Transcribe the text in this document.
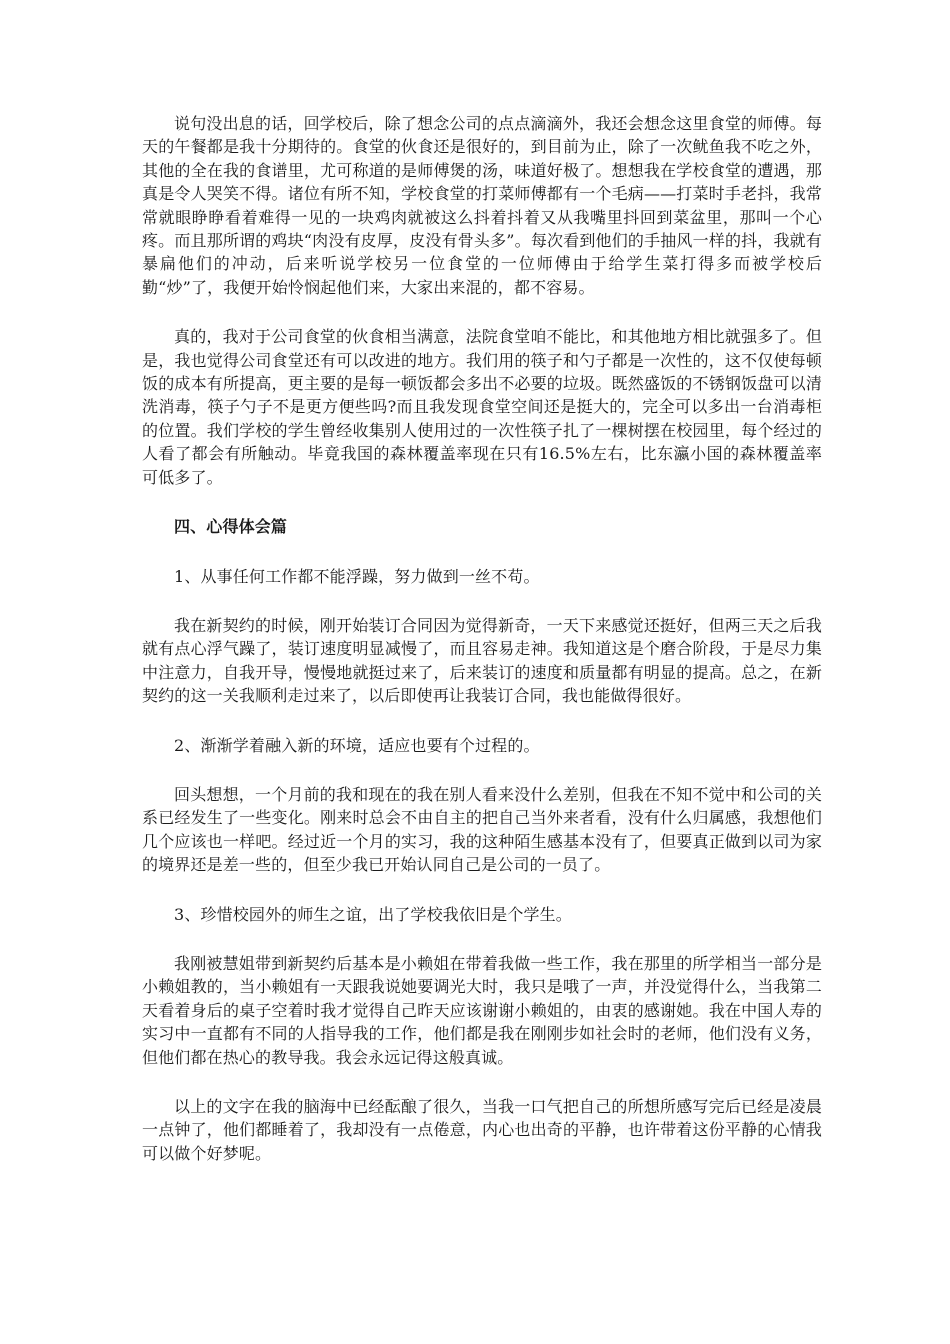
说句没出息的话，回学校后，除了想念公司的点点滴滴外，我还会想念这里食堂的师傅。每天的午餐都是我十分期待的。食堂的伙食还是很好的，到目前为止，除了一次鱿鱼我不吃之外，其他的全在我的食谱里，尤可称道的是师傅煲的汤，味道好极了。想想我在学校食堂的遭遇，那真是令人哭笑不得。诸位有所不知，学校食堂的打菜师傅都有一个毛病——打菜时手老抖，我常常就眼睁睁看着难得一见的一块鸡肉就被这么抖着抖着又从我嘴里抖回到菜盆里，那叫一个心疼。而且那所谓的鸡块“肉没有皮厚，皮没有骨头多”。每次看到他们的手抽风一样的抖，我就有暴扁他们的冲动，后来听说学校另一位食堂的一位师傅由于给学生菜打得多而被学校后勤“炒”了，我便开始怜悯起他们来，大家出来混的，都不容易。

真的，我对于公司食堂的伙食相当满意，法院食堂咱不能比，和其他地方相比就强多了。但是，我也觉得公司食堂还有可以改进的地方。我们用的筷子和勺子都是一次性的，这不仅使每顿饭的成本有所提高，更主要的是每一顿饭都会多出不必要的垃圾。既然盛饭的不锈钢饭盘可以清洗消毒，筷子勺子不是更方便些吗?而且我发现食堂空间还是挺大的，完全可以多出一台消毒柜的位置。我们学校的学生曾经收集别人使用过的一次性筷子扎了一棵树摆在校园里，每个经过的人看了都会有所触动。毕竟我国的森林覆盖率现在只有16.5%左右，比东瀛小国的森林覆盖率可低多了。

四、心得体会篇

1、从事任何工作都不能浮躁，努力做到一丝不苟。

我在新契约的时候，刚开始装订合同因为觉得新奇，一天下来感觉还挺好，但两三天之后我就有点心浮气躁了，装订速度明显减慢了，而且容易走神。我知道这是个磨合阶段，于是尽力集中注意力，自我开导，慢慢地就挺过来了，后来装订的速度和质量都有明显的提高。总之，在新契约的这一关我顺利走过来了，以后即使再让我装订合同，我也能做得很好。

2、渐渐学着融入新的环境，适应也要有个过程的。

回头想想，一个月前的我和现在的我在别人看来没什么差别，但我在不知不觉中和公司的关系已经发生了一些变化。刚来时总会不由自主的把自己当外来者看，没有什么归属感，我想他们几个应该也一样吧。经过近一个月的实习，我的这种陌生感基本没有了，但要真正做到以司为家的境界还是差一些的，但至少我已开始认同自己是公司的一员了。

3、珍惜校园外的师生之谊，出了学校我依旧是个学生。

我刚被慧姐带到新契约后基本是小赖姐在带着我做一些工作，我在那里的所学相当一部分是小赖姐教的，当小赖姐有一天跟我说她要调光大时，我只是哦了一声，并没觉得什么，当我第二天看着身后的桌子空着时我才觉得自己昨天应该谢谢小赖姐的，由衷的感谢她。我在中国人寿的实习中一直都有不同的人指导我的工作，他们都是我在刚刚步如社会时的老师，他们没有义务，但他们都在热心的教导我。我会永远记得这般真诚。

以上的文字在我的脑海中已经酝酿了很久，当我一口气把自己的所想所感写完后已经是凌晨一点钟了，他们都睡着了，我却没有一点倦意，内心也出奇的平静，也许带着这份平静的心情我可以做个好梦呢。
